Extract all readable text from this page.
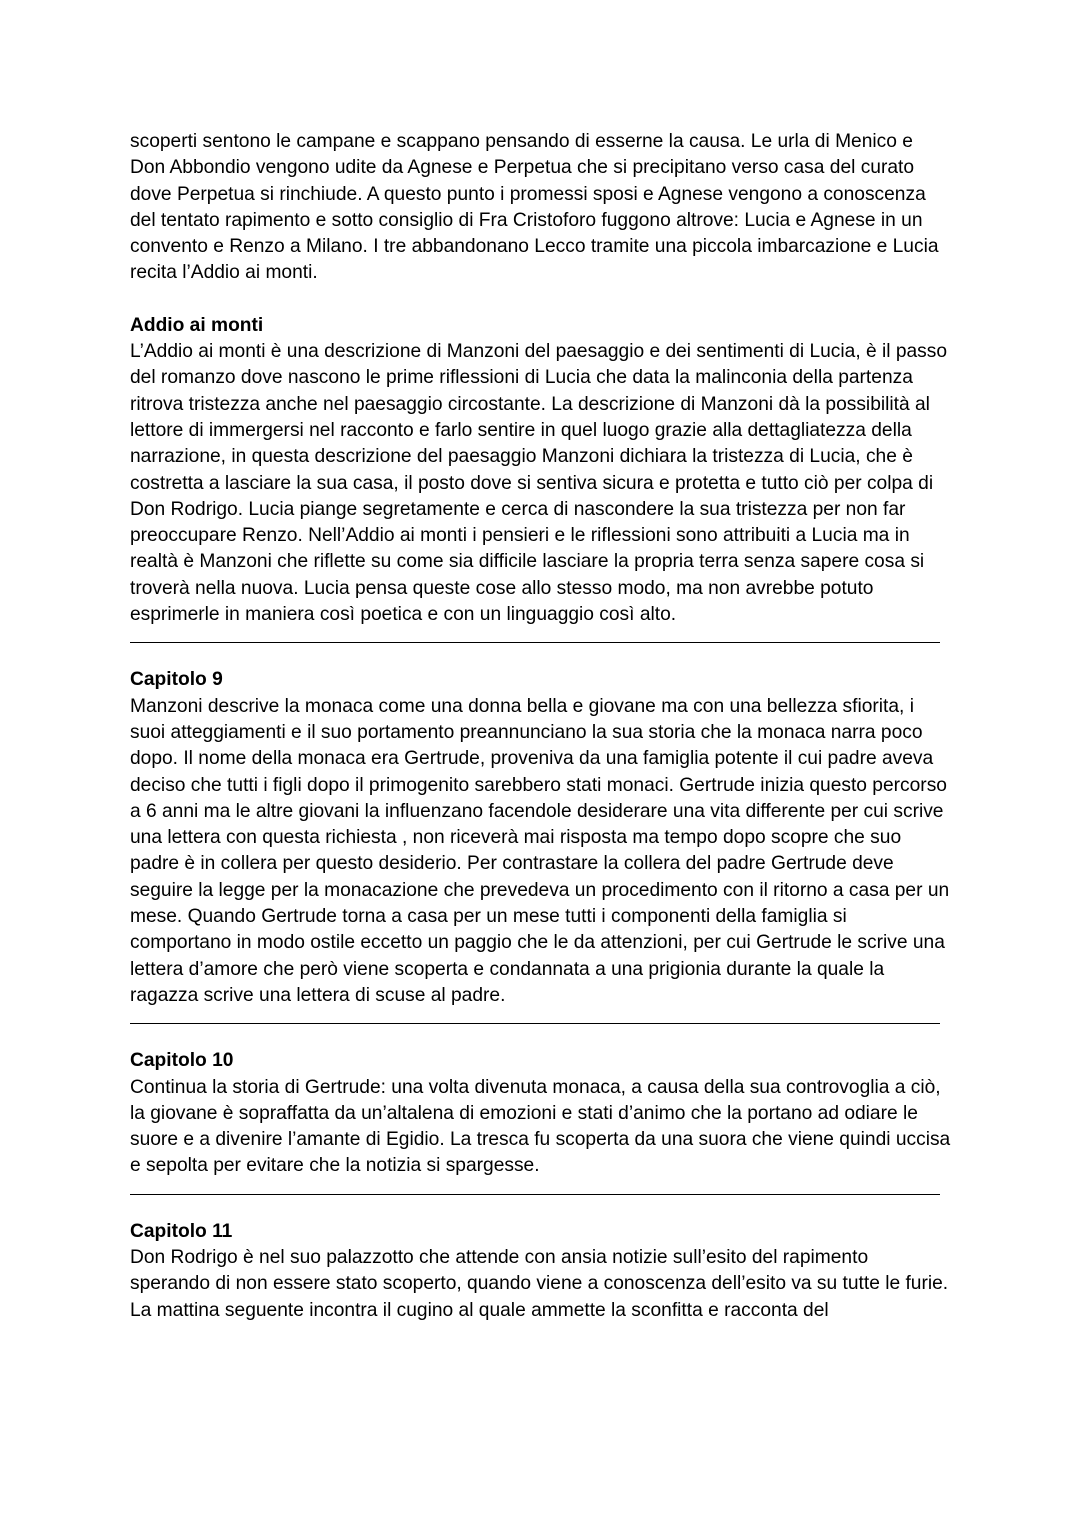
scoperti sentono le campane e scappano pensando di esserne la causa. Le urla di Menico e Don Abbondio vengono udite da Agnese e Perpetua che si precipitano verso casa del curato dove Perpetua si rinchiude. A questo punto i promessi sposi e Agnese vengono a conoscenza del tentato rapimento e sotto consiglio di Fra Cristoforo fuggono altrove: Lucia e Agnese in un convento e Renzo a Milano. I tre abbandonano Lecco tramite una piccola imbarcazione e Lucia recita l’Addio ai monti.

Addio ai monti

L’Addio ai monti è una descrizione di Manzoni del paesaggio e dei sentimenti di Lucia, è il passo del romanzo dove nascono le prime riflessioni di Lucia che data la malinconia della partenza ritrova tristezza anche nel paesaggio circostante. La descrizione di Manzoni dà la possibilità al lettore di immergersi nel racconto e farlo sentire in quel luogo grazie alla dettagliatezza della narrazione, in questa descrizione del paesaggio Manzoni dichiara la tristezza di Lucia, che è costretta a lasciare la sua casa, il posto dove si sentiva sicura e protetta e tutto ciò per colpa di Don Rodrigo. Lucia piange segretamente e cerca di nascondere la sua tristezza per non far preoccupare Renzo. Nell’Addio ai monti i pensieri e le riflessioni sono attribuiti a Lucia ma in realtà è Manzoni che riflette su come sia difficile lasciare la propria terra senza sapere cosa si troverà nella nuova. Lucia pensa queste cose allo stesso modo, ma non avrebbe potuto esprimerle in maniera così poetica e con un linguaggio così alto.

Capitolo 9

Manzoni descrive la monaca come una donna bella e giovane ma con una bellezza sfiorita, i suoi atteggiamenti e il suo portamento preannunciano la sua storia che la monaca narra poco dopo. Il nome della monaca era Gertrude, proveniva da una famiglia potente il cui padre aveva deciso che tutti i figli dopo il primogenito sarebbero stati monaci. Gertrude inizia questo percorso a 6 anni ma le altre giovani la influenzano facendole desiderare una vita differente per cui scrive una lettera con questa richiesta , non riceverà mai risposta ma tempo dopo scopre che suo padre è in collera per questo desiderio. Per contrastare la collera del padre Gertrude deve seguire la legge per la monacazione che prevedeva un procedimento con il ritorno a casa per un mese. Quando Gertrude torna a casa per un mese tutti i componenti della famiglia si comportano in modo ostile eccetto un paggio che le da attenzioni, per cui Gertrude le scrive una lettera d’amore che però viene scoperta e condannata a una prigionia durante la quale la ragazza scrive una lettera di scuse al padre.

Capitolo 10

Continua la storia di Gertrude: una volta divenuta monaca, a causa della sua controvoglia a ciò, la giovane è sopraffatta da un’altalena di emozioni e stati d’animo che la portano ad odiare le suore e a divenire l’amante di Egidio. La tresca fu scoperta da una suora che viene quindi uccisa e sepolta per evitare che la notizia si spargesse.

Capitolo 11

Don Rodrigo è nel suo palazzotto che attende con ansia notizie sull’esito del rapimento sperando di non essere stato scoperto, quando viene a conoscenza dell’esito va su tutte le furie. La mattina seguente incontra il cugino al quale ammette la sconfitta e racconta del
